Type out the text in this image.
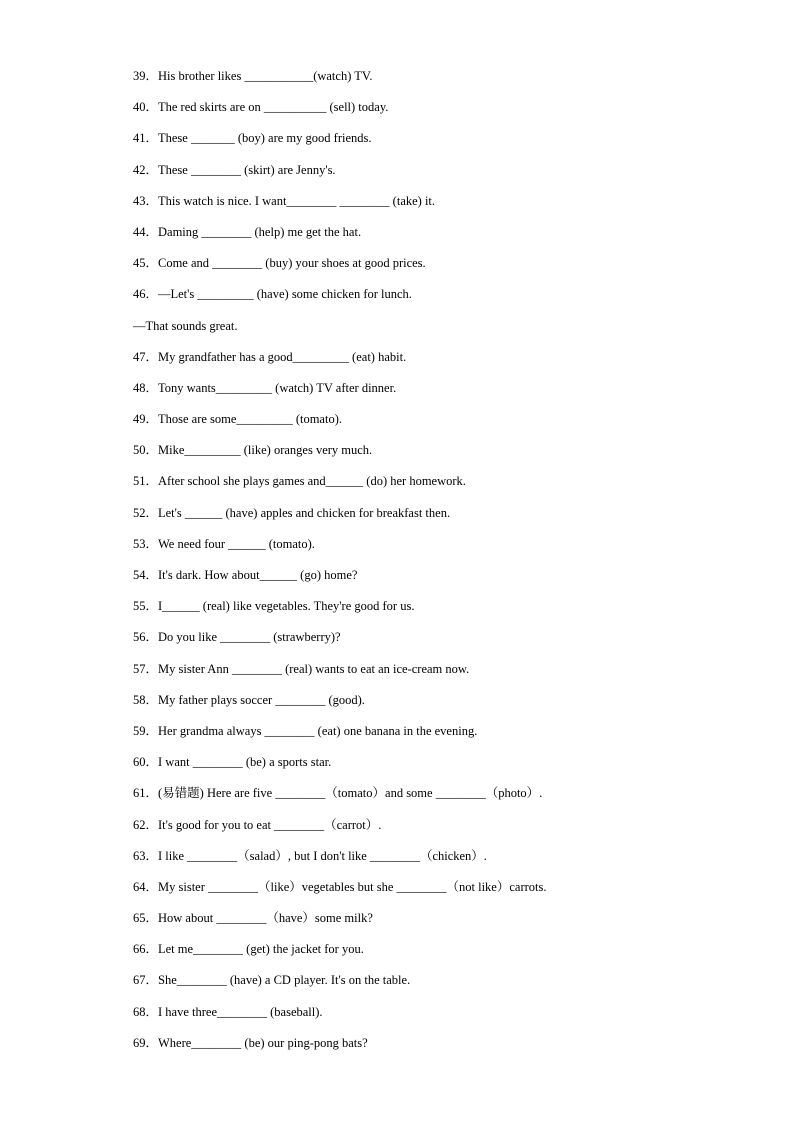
39．His brother likes ___________(watch) TV.
40．The red skirts are on __________ (sell) today.
41．These _______ (boy) are my good friends.
42．These ________ (skirt) are Jenny's.
43．This watch is nice. I want________ ________ (take) it.
44．Daming ________ (help) me get the hat.
45．Come and ________ (buy) your shoes at good prices.
46．—Let's _________ (have) some chicken for lunch.
—That sounds great.
47．My grandfather has a good_________ (eat) habit.
48．Tony wants_________ (watch) TV after dinner.
49．Those are some_________ (tomato).
50．Mike_________ (like) oranges very much.
51．After school she plays games and______ (do) her homework.
52．Let's ______ (have) apples and chicken for breakfast then.
53．We need four ______ (tomato).
54．It's dark. How about______ (go) home?
55．I______ (real) like vegetables. They're good for us.
56．Do you like ________ (strawberry)?
57．My sister Ann ________ (real) wants to eat an ice-cream now.
58．My father plays soccer ________ (good).
59．Her grandma always ________ (eat) one banana in the evening.
60．I want ________ (be) a sports star.
61．(易错题) Here are five ________（tomato）and some ________（photo）.
62．It's good for you to eat ________（carrot）.
63．I like ________（salad）, but I don't like ________（chicken）.
64．My sister ________（like）vegetables but she ________（not like）carrots.
65．How about ________（have）some milk?
66．Let me________ (get) the jacket for you.
67．She________ (have) a CD player. It's on the table.
68．I have three________ (baseball).
69．Where________ (be) our ping-pong bats?
